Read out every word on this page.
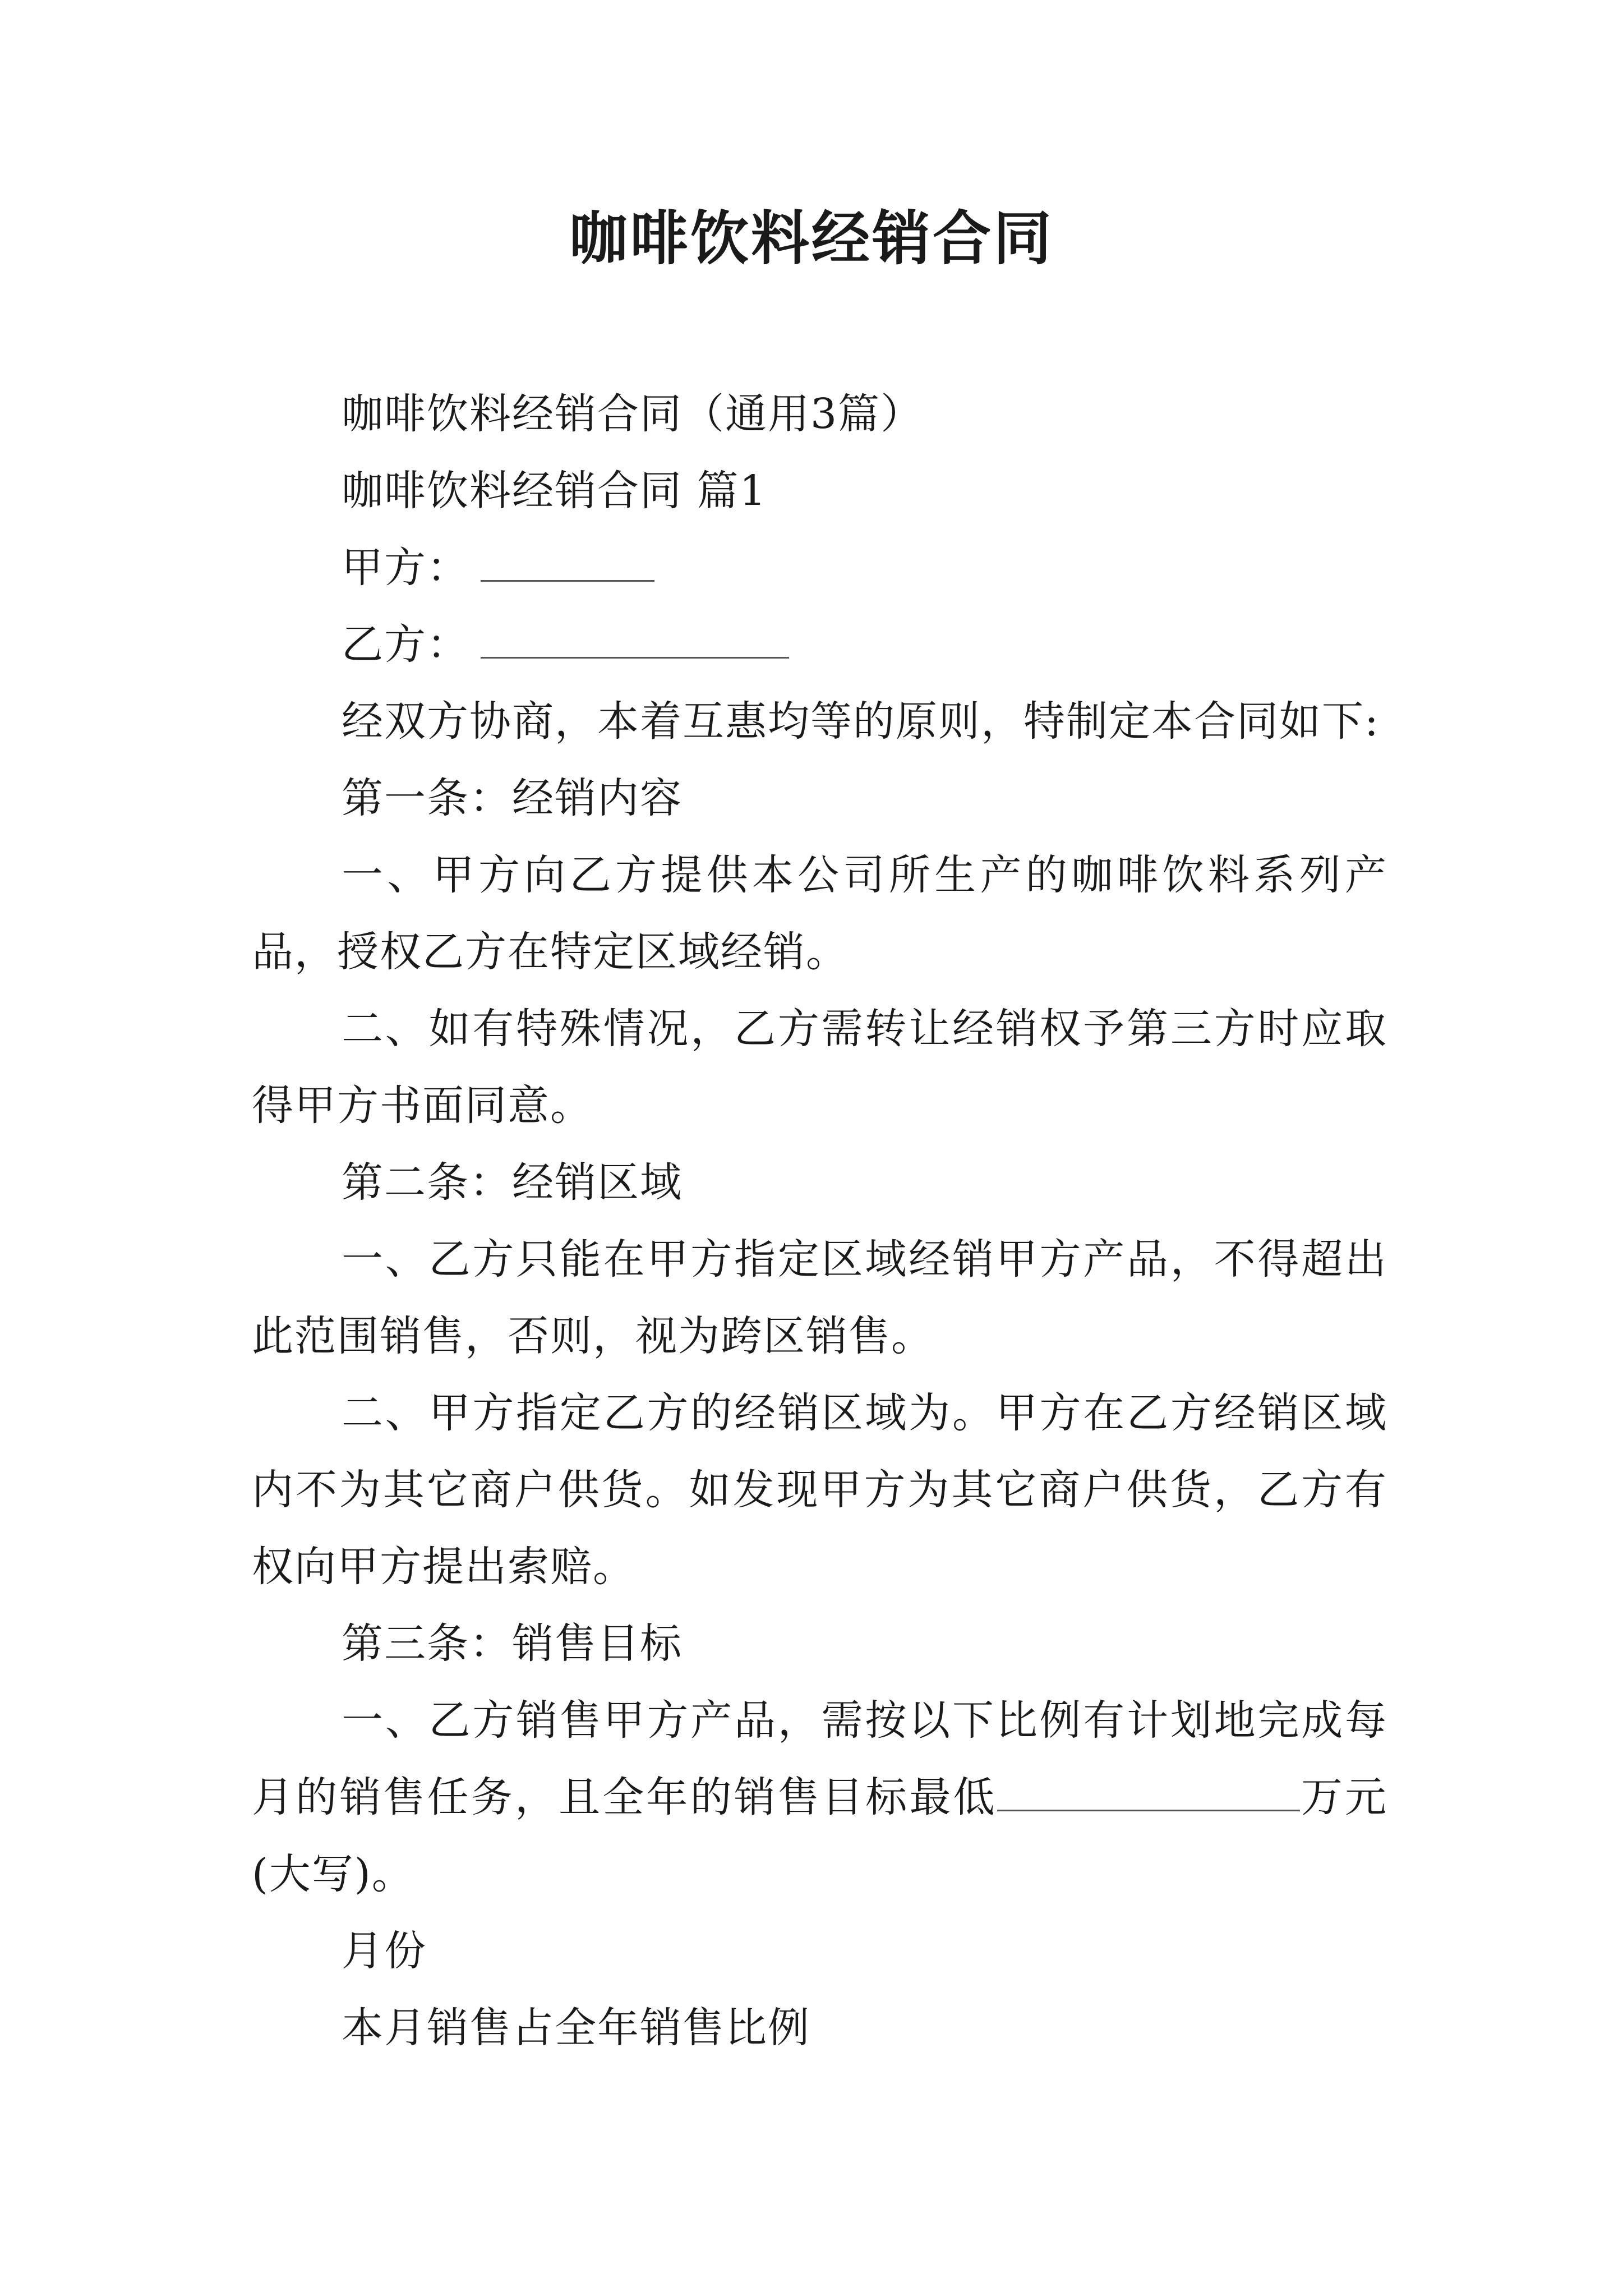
咖啡饮料经销合同

咖啡饮料经销合同（通用3篇）

咖啡饮料经销合同 篇1

甲方：

乙方：

经双方协商，本着互惠均等的原则，特制定本合同如下:

第一条：经销内容

一、甲方向乙方提供本公司所生产的咖啡饮料系列产品，授权乙方在特定区域经销。

二、如有特殊情况，乙方需转让经销权予第三方时应取得甲方书面同意。

第二条：经销区域

一、乙方只能在甲方指定区域经销甲方产品，不得超出此范围销售，否则，视为跨区销售。

二、甲方指定乙方的经销区域为。甲方在乙方经销区域内不为其它商户供货。如发现甲方为其它商户供货，乙方有权向甲方提出索赔。

第三条：销售目标

一、乙方销售甲方产品，需按以下比例有计划地完成每月的销售任务，且全年的销售目标最低	万元(大写)。

月份

本月销售占全年销售比例
